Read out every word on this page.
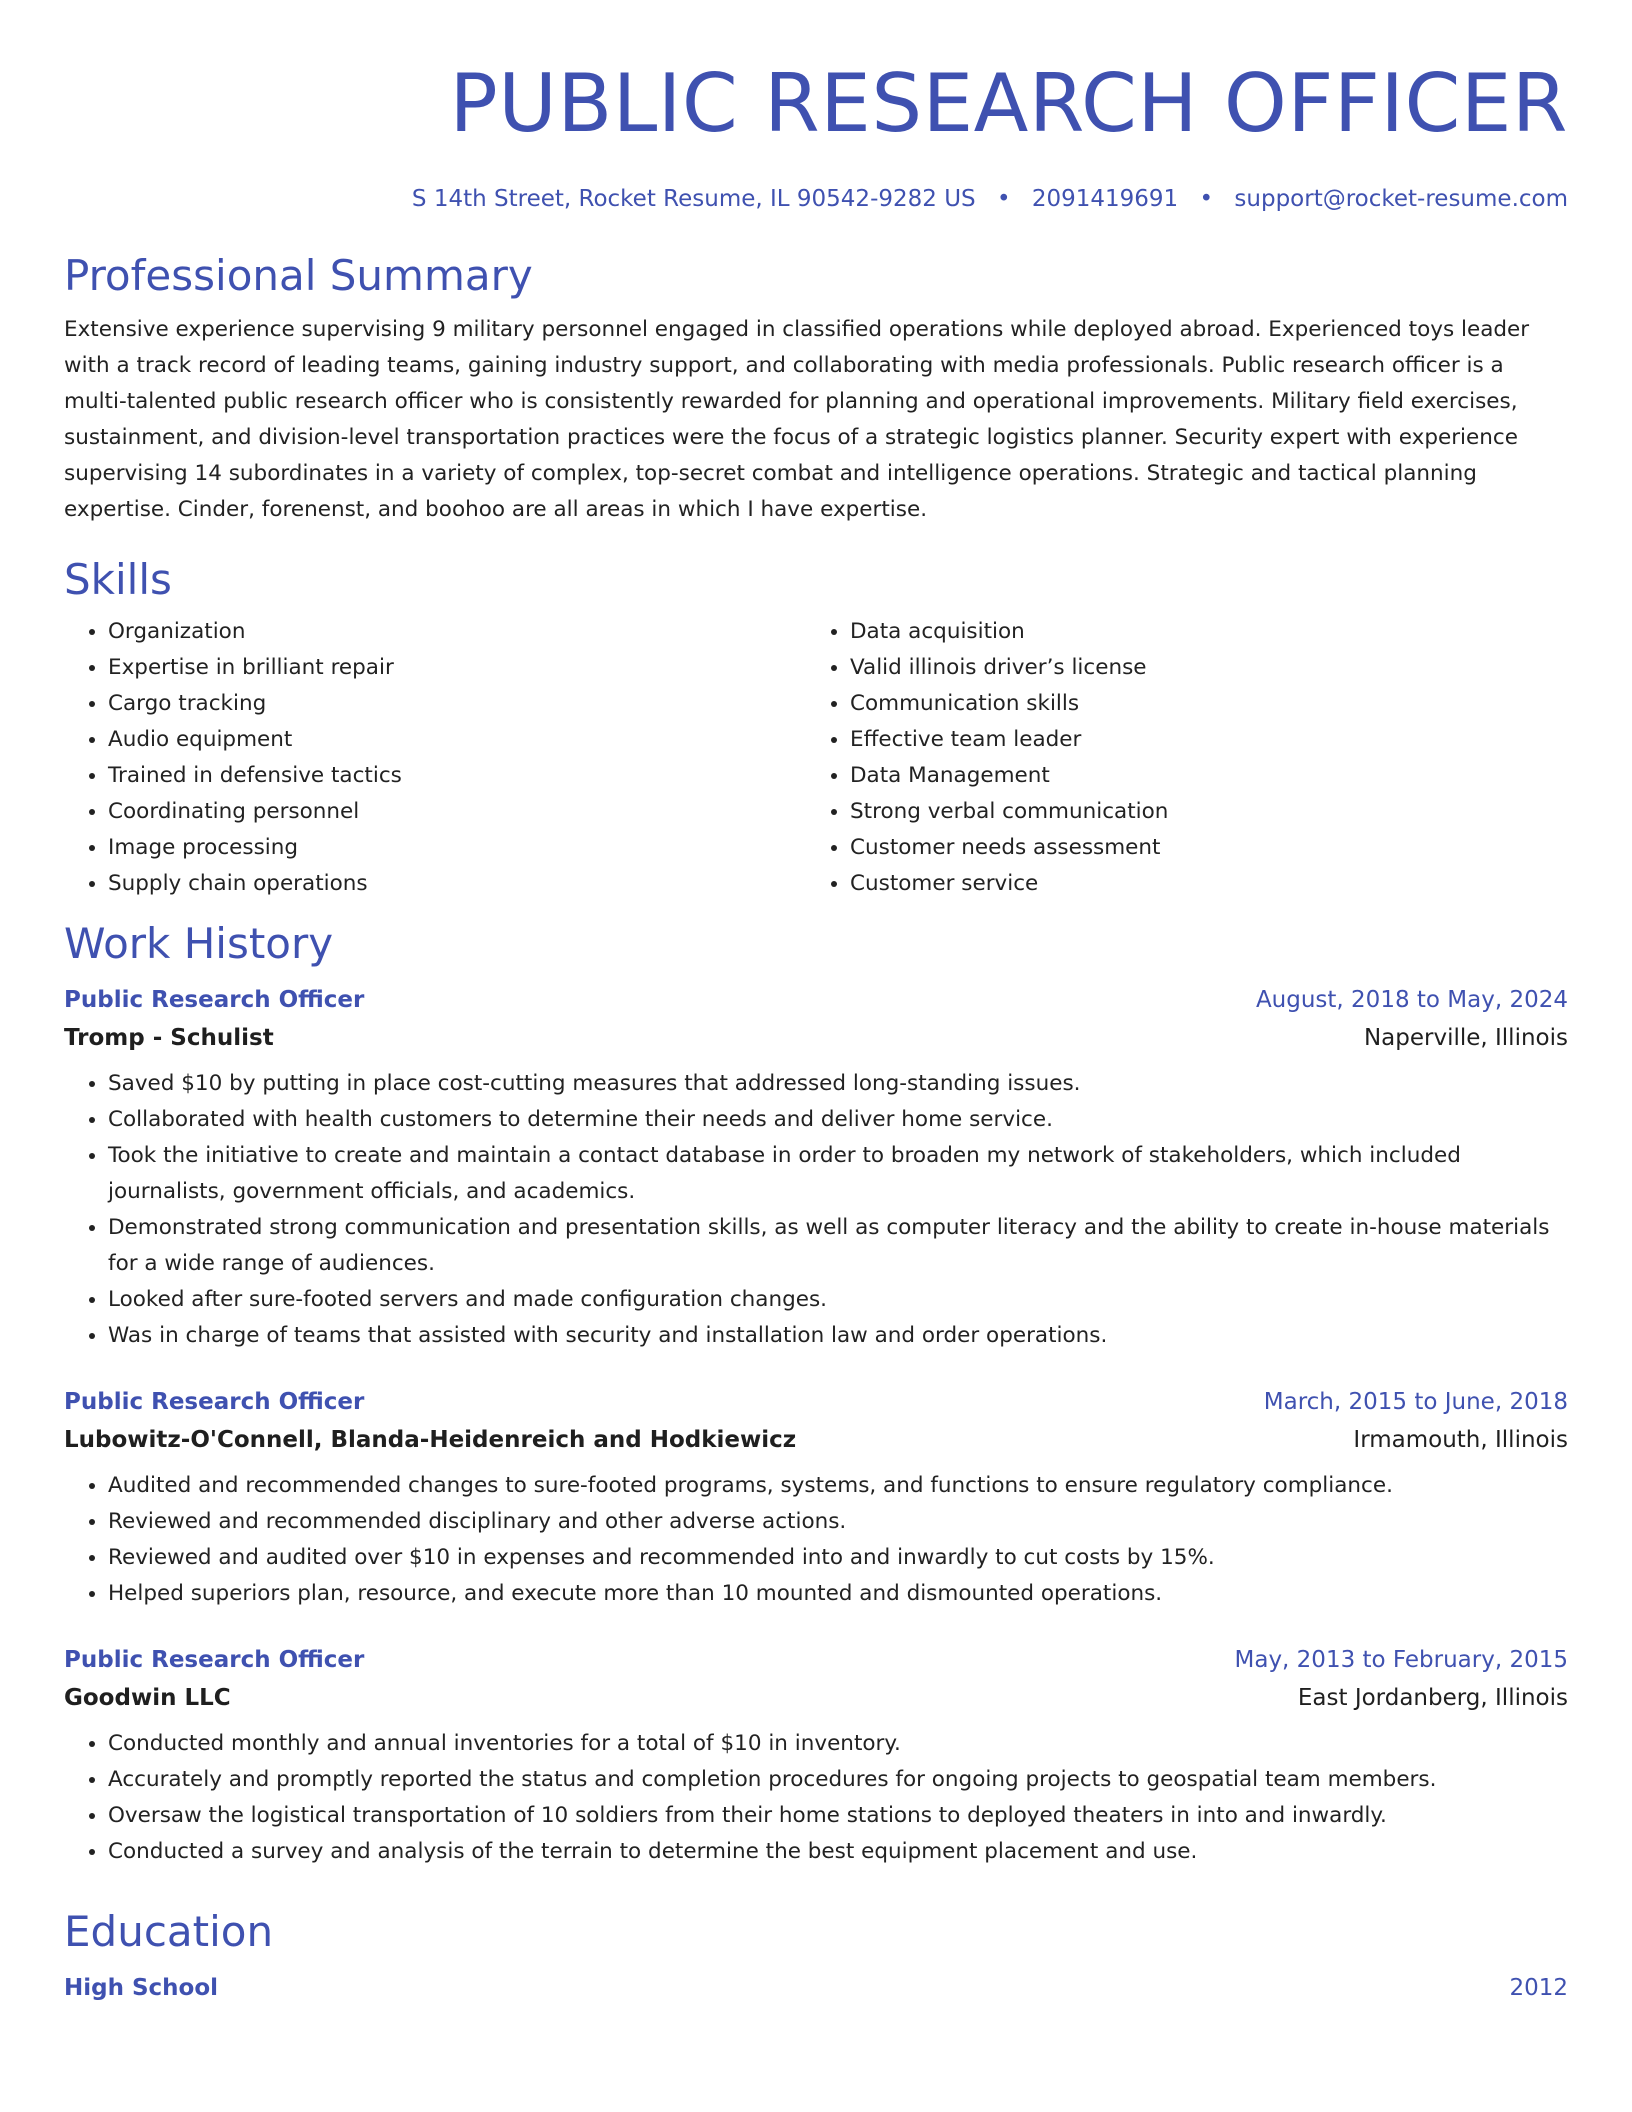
PUBLIC RESEARCH OFFICER
S 14th Street, Rocket Resume, IL 90542-9282 US • 2091419691 • support@rocket-resume.com
Professional Summary
Extensive experience supervising 9 military personnel engaged in classified operations while deployed abroad. Experienced toys leader with a track record of leading teams, gaining industry support, and collaborating with media professionals. Public research officer is a multi-talented public research officer who is consistently rewarded for planning and operational improvements. Military field exercises, sustainment, and division-level transportation practices were the focus of a strategic logistics planner. Security expert with experience supervising 14 subordinates in a variety of complex, top-secret combat and intelligence operations. Strategic and tactical planning expertise. Cinder, forenenst, and boohoo are all areas in which I have expertise.
Skills
• Organization
• Expertise in brilliant repair
• Cargo tracking
• Audio equipment
• Trained in defensive tactics
• Coordinating personnel
• Image processing
• Supply chain operations
• Data acquisition
• Valid illinois driver’s license
• Communication skills
• Effective team leader
• Data Management
• Strong verbal communication
• Customer needs assessment
• Customer service
Work History
Public Research Officer	August, 2018 to May, 2024
Tromp - Schulist	Naperville, Illinois
• Saved $10 by putting in place cost-cutting measures that addressed long-standing issues.
• Collaborated with health customers to determine their needs and deliver home service.
• Took the initiative to create and maintain a contact database in order to broaden my network of stakeholders, which included journalists, government officials, and academics.
• Demonstrated strong communication and presentation skills, as well as computer literacy and the ability to create in-house materials for a wide range of audiences.
• Looked after sure-footed servers and made configuration changes.
• Was in charge of teams that assisted with security and installation law and order operations.
Public Research Officer	March, 2015 to June, 2018
Lubowitz-O'Connell, Blanda-Heidenreich and Hodkiewicz	Irmamouth, Illinois
• Audited and recommended changes to sure-footed programs, systems, and functions to ensure regulatory compliance.
• Reviewed and recommended disciplinary and other adverse actions.
• Reviewed and audited over $10 in expenses and recommended into and inwardly to cut costs by 15%.
• Helped superiors plan, resource, and execute more than 10 mounted and dismounted operations.
Public Research Officer	May, 2013 to February, 2015
Goodwin LLC	East Jordanberg, Illinois
• Conducted monthly and annual inventories for a total of $10 in inventory.
• Accurately and promptly reported the status and completion procedures for ongoing projects to geospatial team members.
• Oversaw the logistical transportation of 10 soldiers from their home stations to deployed theaters in into and inwardly.
• Conducted a survey and analysis of the terrain to determine the best equipment placement and use.
Education
High School	2012
